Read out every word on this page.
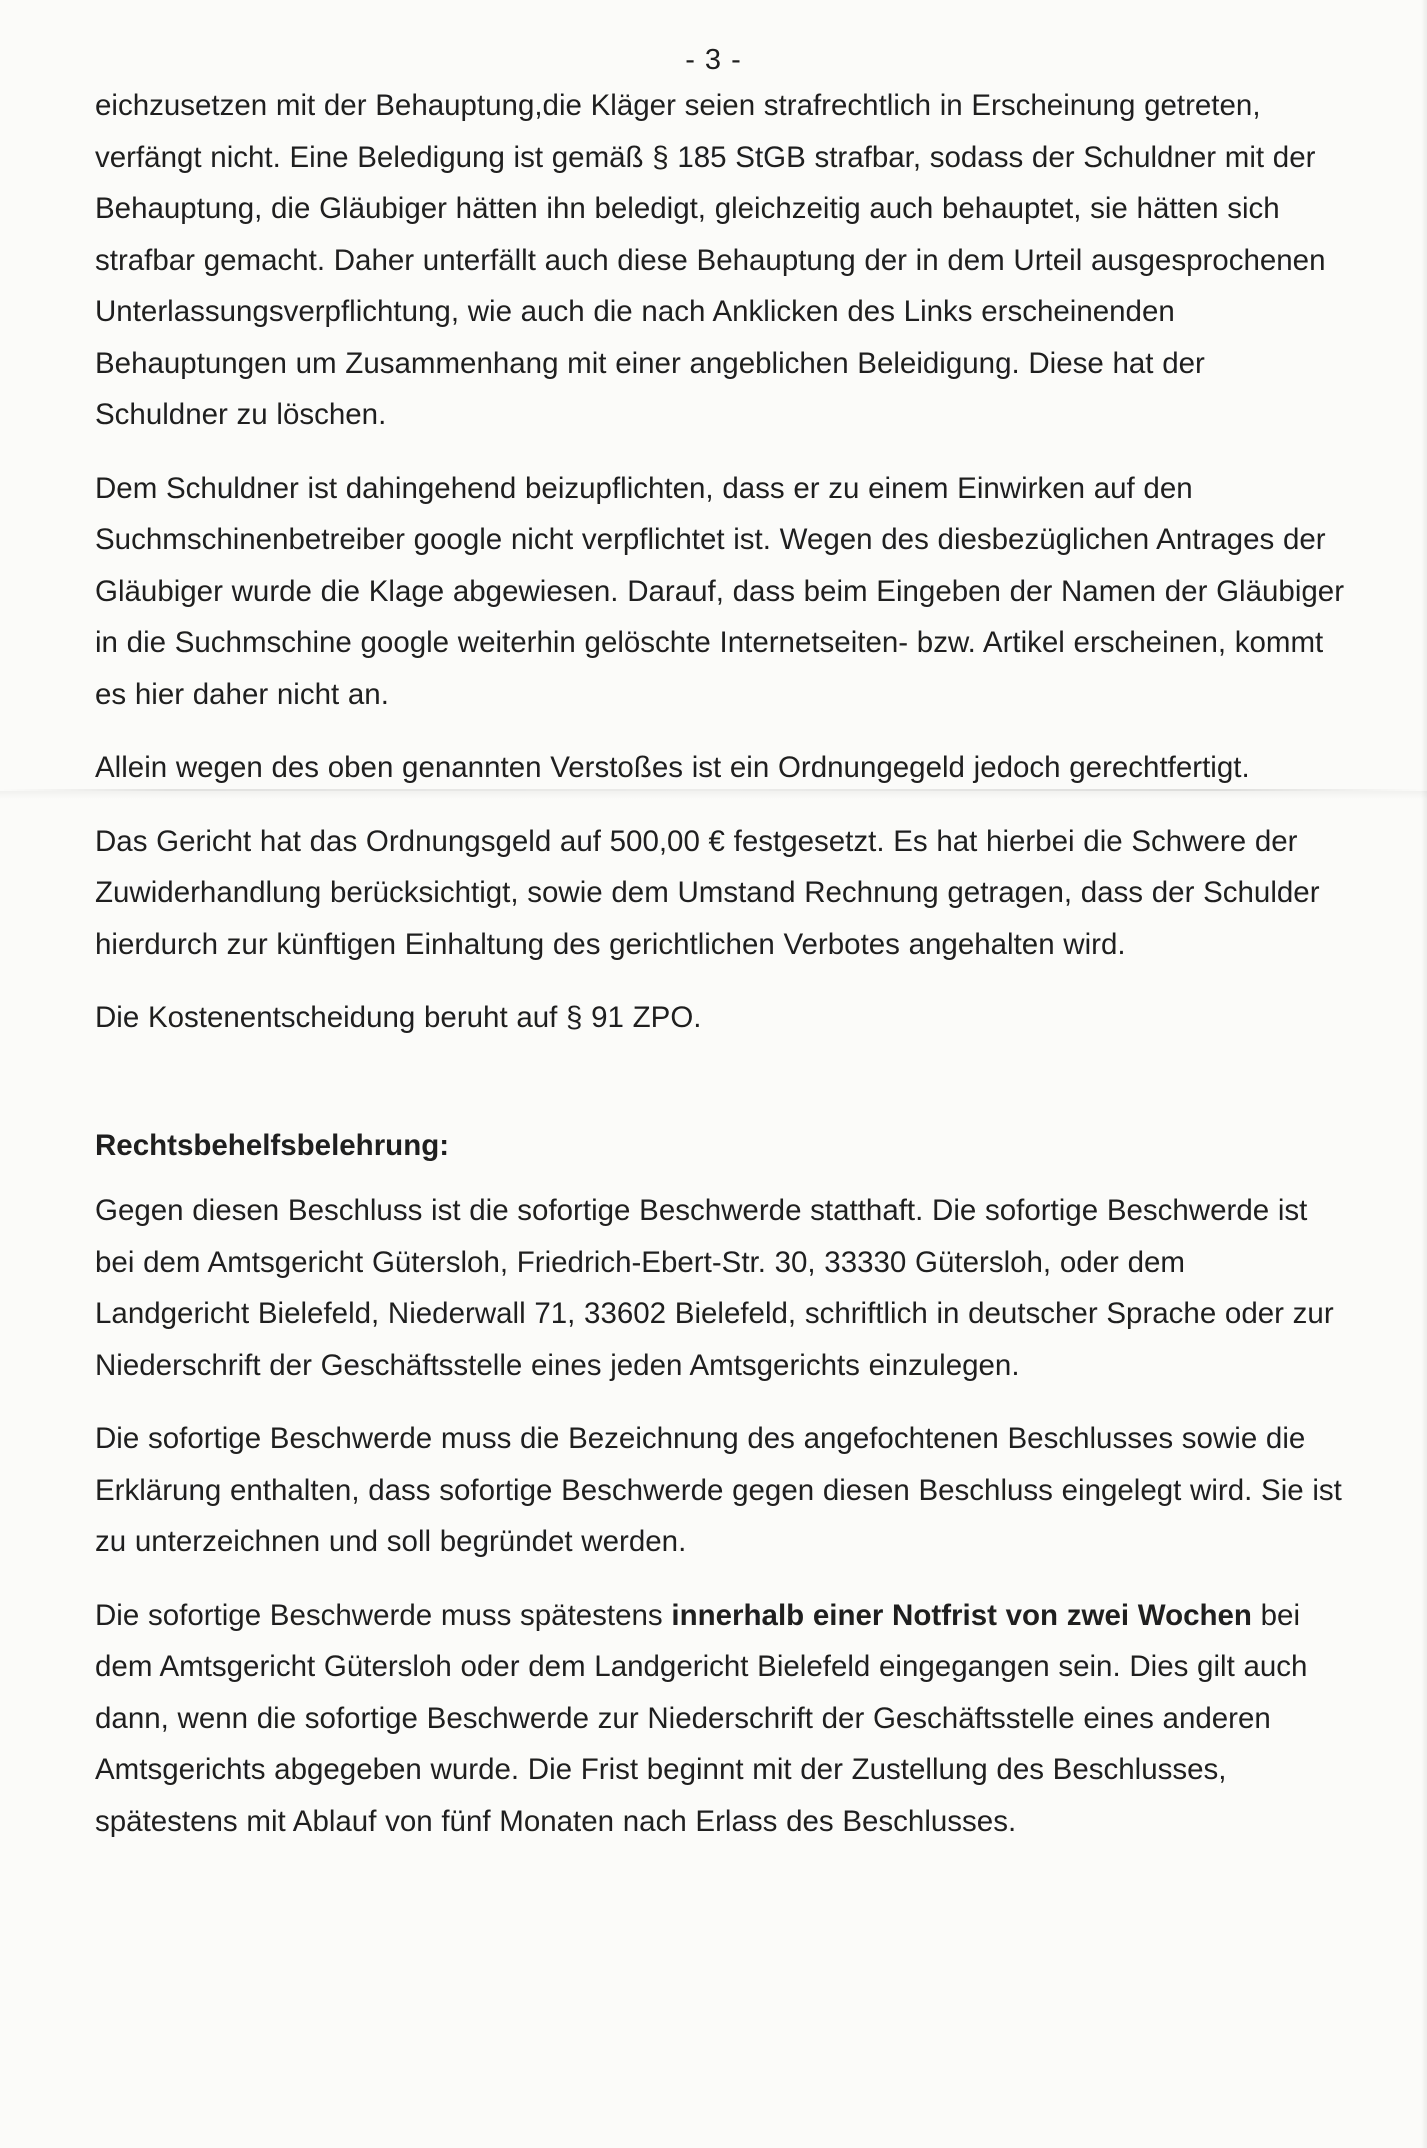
- 3 -

eichzusetzen mit der Behauptung,die Kläger seien strafrechtlich in Erscheinung getreten, verfängt nicht. Eine Beledigung ist gemäß § 185 StGB strafbar, sodass der Schuldner mit der Behauptung, die Gläubiger hätten ihn beledigt, gleichzeitig auch behauptet, sie hätten sich strafbar gemacht. Daher unterfällt auch diese Behauptung der in dem Urteil ausgesprochenen Unterlassungsverpflichtung, wie auch die nach Anklicken des Links erscheinenden Behauptungen um Zusammenhang mit einer angeblichen Beleidigung. Diese hat der Schuldner zu löschen.

Dem Schuldner ist dahingehend beizupflichten, dass er zu einem Einwirken auf den Suchmschinenbetreiber google nicht verpflichtet ist. Wegen des diesbezüglichen Antrages der Gläubiger wurde die Klage abgewiesen. Darauf, dass beim Eingeben der Namen der Gläubiger in die Suchmschine google weiterhin gelöschte Internetseiten- bzw. Artikel erscheinen, kommt es hier daher nicht an.

Allein wegen des oben genannten Verstoßes ist ein Ordnungegeld jedoch gerechtfertigt.

Das Gericht hat das Ordnungsgeld auf 500,00 € festgesetzt. Es hat hierbei die Schwere der Zuwiderhandlung berücksichtigt, sowie dem Umstand Rechnung getragen, dass der Schulder hierdurch zur künftigen Einhaltung des gerichtlichen Verbotes angehalten wird.

Die Kostenentscheidung beruht auf § 91 ZPO.

Rechtsbehelfsbelehrung:

Gegen diesen Beschluss ist die sofortige Beschwerde statthaft. Die sofortige Beschwerde ist bei dem Amtsgericht Gütersloh, Friedrich-Ebert-Str. 30, 33330 Gütersloh, oder dem Landgericht Bielefeld, Niederwall 71, 33602 Bielefeld, schriftlich in deutscher Sprache oder zur Niederschrift der Geschäftsstelle eines jeden Amtsgerichts einzulegen.

Die sofortige Beschwerde muss die Bezeichnung des angefochtenen Beschlusses sowie die Erklärung enthalten, dass sofortige Beschwerde gegen diesen Beschluss eingelegt wird. Sie ist zu unterzeichnen und soll begründet werden.

Die sofortige Beschwerde muss spätestens innerhalb einer Notfrist von zwei Wochen bei dem Amtsgericht Gütersloh oder dem Landgericht Bielefeld eingegangen sein. Dies gilt auch dann, wenn die sofortige Beschwerde zur Niederschrift der Geschäftsstelle eines anderen Amtsgerichts abgegeben wurde. Die Frist beginnt mit der Zustellung des Beschlusses, spätestens mit Ablauf von fünf Monaten nach Erlass des Beschlusses.
